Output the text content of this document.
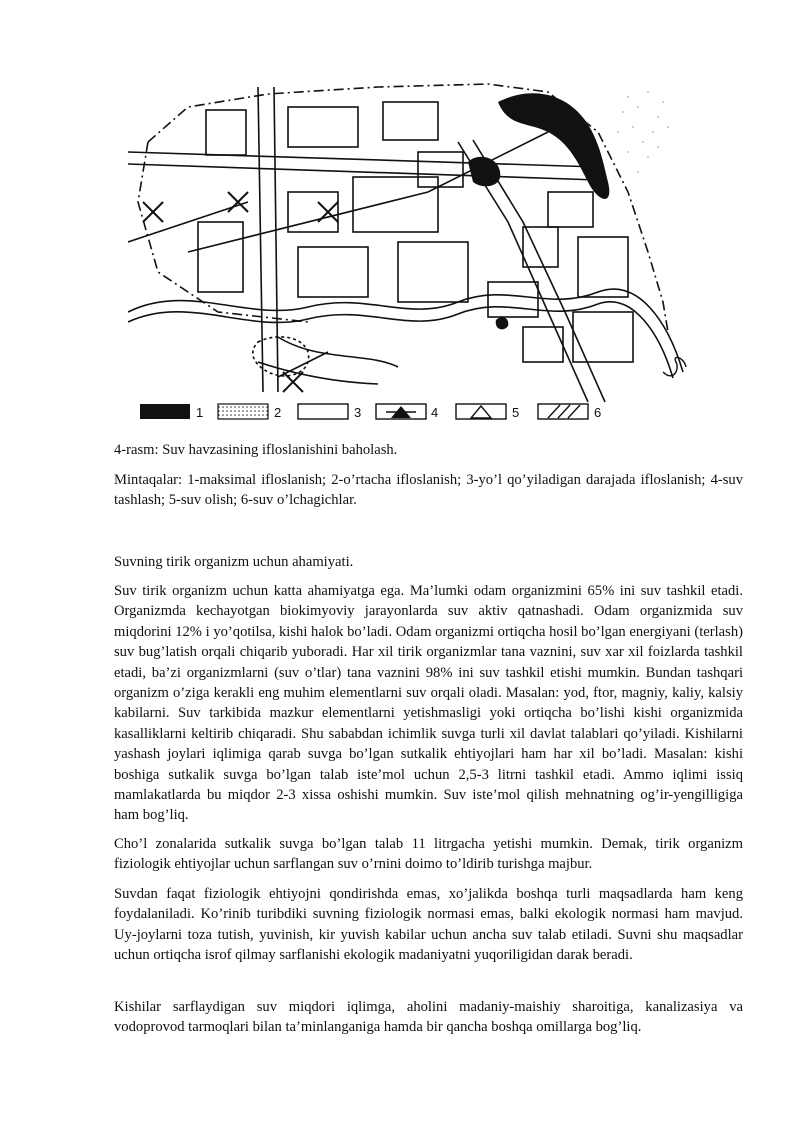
1	2	3	4	5	6

4-rasm: Suv havzasining ifloslanishini baholash.

Mintaqalar: 1-maksimal ifloslanish; 2-o’rtacha ifloslanish; 3-yo’l qo’yiladigan darajada ifloslanish; 4-suv tashlash; 5-suv olish; 6-suv o’lchagichlar.

Suvning tirik organizm uchun ahamiyati.

Suv tirik organizm uchun katta ahamiyatga ega. Ma’lumki odam organizmini 65% ini suv tashkil etadi. Organizmda kechayotgan biokimyoviy jarayonlarda suv aktiv qatnashadi. Odam organizmida suv miqdorini 12% i yo’qotilsa, kishi halok bo’ladi. Odam organizmi ortiqcha hosil bo’lgan energiyani (terlash) suv bug’latish orqali chiqarib yuboradi. Har xil tirik organizmlar tana vaznini, suv xar xil foizlarda tashkil etadi, ba’zi organizmlarni (suv o’tlar) tana vaznini 98% ini suv tashkil etishi mumkin. Bundan tashqari organizm o’ziga kerakli eng muhim elementlarni suv orqali oladi. Masalan: yod, ftor, magniy, kaliy, kalsiy kabilarni. Suv tarkibida mazkur elementlarni yetishmasligi yoki ortiqcha bo’lishi kishi organizmida kasalliklarni keltirib chiqaradi. Shu sababdan ichimlik suvga turli xil davlat talablari qo’yiladi. Kishilarni yashash joylari iqlimiga qarab suvga bo’lgan sutkalik ehtiyojlari ham har xil bo’ladi. Masalan: kishi boshiga sutkalik suvga bo’lgan talab iste’mol uchun 2,5-3 litrni tashkil etadi. Ammo iqlimi issiq mamlakatlarda bu miqdor 2-3 xissa oshishi mumkin. Suv iste’mol qilish mehnatning og’ir-yengilligiga ham bog’liq.

Cho’l zonalarida sutkalik suvga bo’lgan talab 11 litrgacha yetishi mumkin. Demak, tirik organizm fiziologik ehtiyojlar uchun sarflangan suv o’rnini doimo to’ldirib turishga majbur.

Suvdan faqat fiziologik ehtiyojni qondirishda emas, xo’jalikda boshqa turli maqsadlarda ham keng foydalaniladi. Ko’rinib turibdiki suvning fiziologik normasi emas, balki ekologik normasi ham mavjud. Uy-joylarni toza tutish, yuvinish, kir yuvish kabilar uchun ancha suv talab etiladi. Suvni shu maqsadlar uchun ortiqcha isrof qilmay sarflanishi ekologik madaniyatni yuqoriligidan darak beradi.

Kishilar sarflaydigan suv miqdori iqlimga, aholini madaniy-maishiy sharoitiga, kanalizasiya va vodoprovod tarmoqlari bilan ta’minlanganiga hamda bir qancha boshqa omillarga bog’liq.
